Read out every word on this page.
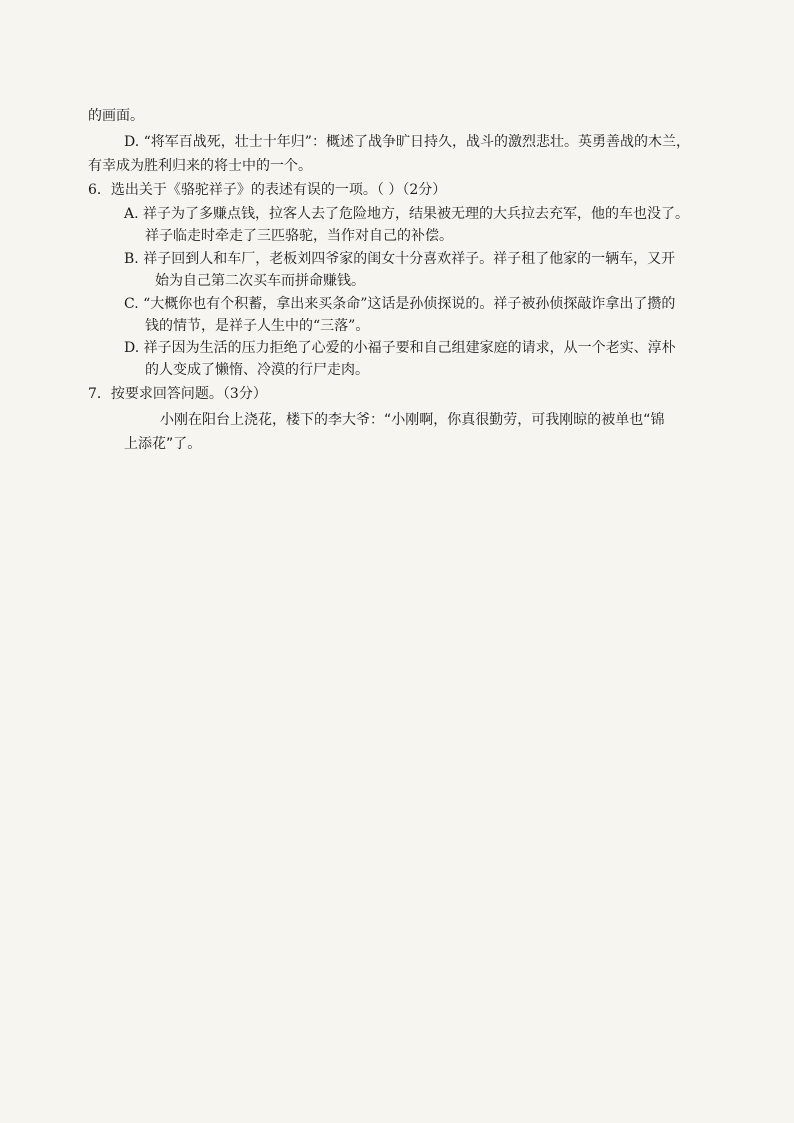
的画面。
D. “将军百战死，壮士十年归”：概述了战争旷日持久，战斗的激烈悲壮。英勇善战的木兰，
有幸成为胜利归来的将士中的一个。
6．选出关于《骆驼祥子》的表述有误的一项。（ ）（2分）
A. 祥子为了多赚点钱，拉客人去了危险地方，结果被无理的大兵拉去充军，他的车也没了。
祥子临走时牵走了三匹骆驼，当作对自己的补偿。
B. 祥子回到人和车厂，老板刘四爷家的闺女十分喜欢祥子。祥子租了他家的一辆车，又开
始为自己第二次买车而拼命赚钱。
C. “大概你也有个积蓄，拿出来买条命”这话是孙侦探说的。祥子被孙侦探敲诈拿出了攒的
钱的情节，是祥子人生中的“三落”。
D. 祥子因为生活的压力拒绝了心爱的小福子要和自己组建家庭的请求，从一个老实、淳朴
的人变成了懒惰、冷漠的行尸走肉。
7．按要求回答问题。（3分）
小刚在阳台上浇花，楼下的李大爷：“小刚啊，你真很勤劳，可我刚晾的被单也“锦
上添花”了。
